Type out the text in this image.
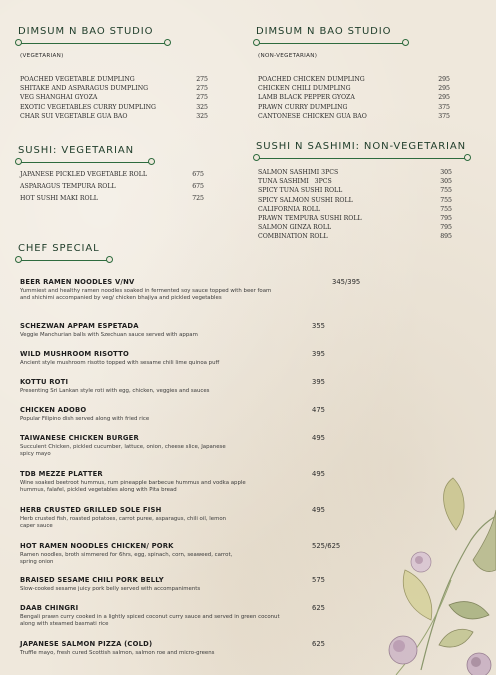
DIMSUM N BAO STUDIO
(VEGETARIAN)
POACHED VEGETABLE DUMPLING	275
SHITAKE AND ASPARAGUS DUMPLING	275
VEG SHANGHAI GYOZA	275
EXOTIC VEGETABLES CURRY DUMPLING	325
CHAR SUI VEGETABLE GUA BAO	325
DIMSUM N BAO STUDIO
(NON-VEGETARIAN)
POACHED CHICKEN DUMPLING	295
CHICKEN CHILI DUMPLING	295
LAMB BLACK PEPPER GYOZA	295
PRAWN CURRY DUMPLING	375
CANTONESE CHICKEN GUA BAO	375
SUSHI: VEGETARIAN
JAPANESE PICKLED VEGETABLE ROLL	675
ASPARAGUS TEMPURA ROLL	675
HOT SUSHI MAKI ROLL	725
SUSHI N SASHIMI: NON-VEGETARIAN
SALMON SASHIMI 3PCS	305
TUNA SASHIMI   3PCS	305
SPICY TUNA SUSHI ROLL	755
SPICY SALMON SUSHI ROLL	755
CALIFORNIA ROLL	755
PRAWN TEMPURA SUSHI ROLL	795
SALMON GINZA ROLL	795
COMBINATION ROLL	895
CHEF SPECIAL
BEER RAMEN NOODLES V/NV	345/395
Yummiest and healthy ramen noodles soaked in fermented soy sauce topped with beer foam and shichimi accompanied by veg/ chicken bhajiya and pickled vegetables
SCHEZWAN APPAM ESPETADA	355
Veggie Manchurian balls with Szechuan sauce served with appam
WILD MUSHROOM RISOTTO	395
Ancient style mushroom risotto topped with sesame chili lime quinoa puff
KOTTU ROTI	395
Presenting Sri Lankan style roti with egg, chicken, veggies and sauces
CHICKEN ADOBO	475
Popular Filipino dish served along with fried rice
TAIWANESE CHICKEN BURGER	495
Succulent Chicken, pickled cucumber, lattuce, onion, cheese slice, Japanese spicy mayo
TDB MEZZE PLATTER	495
Wine soaked beetroot hummus, rum pineapple barbecue hummus and vodka apple hummus, falafel, pickled vegetables along with Pita bread
HERB CRUSTED GRILLED SOLE FISH	495
Herb crusted fish, roasted potatoes, carrot puree, asparagus, chili oil, lemon caper sauce
HOT RAMEN NOODLES CHICKEN/ PORK	525/625
Ramen noodles, broth simmered for 6hrs, egg, spinach, corn, seaweed, carrot, spring onion
BRAISED SESAME CHILI PORK BELLY	575
Slow-cooked sesame juicy pork belly served with accompaniments
DAAB CHINGRI	625
Bengali prawn curry cooked in a lightly spiced coconut curry sauce and served in green coconut along with steamed basmati rice
JAPANESE SALMON PIZZA (COLD)	625
Truffle mayo, fresh cured Scottish salmon, salmon roe and micro-greens
